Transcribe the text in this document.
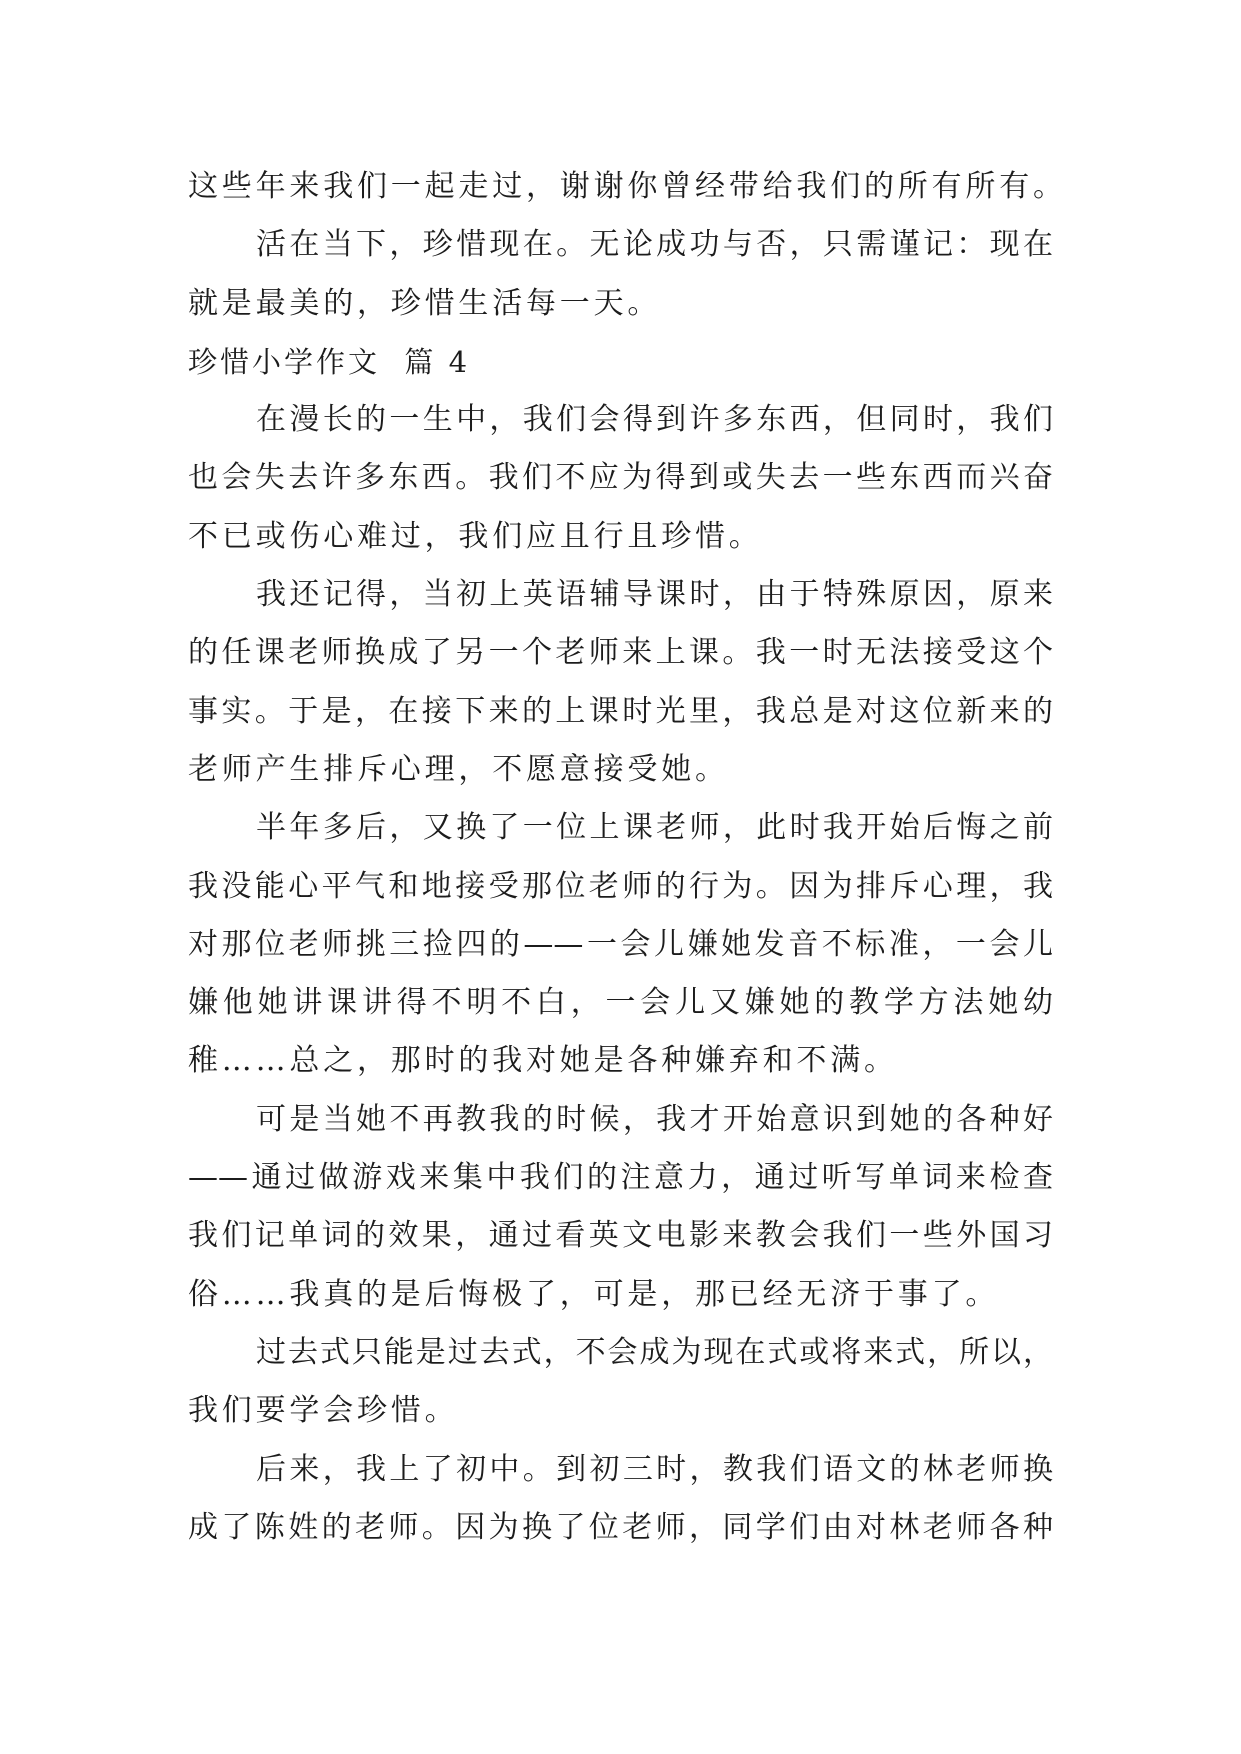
这些年来我们一起走过，谢谢你曾经带给我们的所有所有。
活在当下，珍惜现在。无论成功与否，只需谨记：现在
就是最美的，珍惜生活每一天。
珍惜小学作文  篇 4
在漫长的一生中，我们会得到许多东西，但同时，我们
也会失去许多东西。我们不应为得到或失去一些东西而兴奋
不已或伤心难过，我们应且行且珍惜。
我还记得，当初上英语辅导课时，由于特殊原因，原来
的任课老师换成了另一个老师来上课。我一时无法接受这个
事实。于是，在接下来的上课时光里，我总是对这位新来的
老师产生排斥心理，不愿意接受她。
半年多后，又换了一位上课老师，此时我开始后悔之前
我没能心平气和地接受那位老师的行为。因为排斥心理，我
对那位老师挑三捡四的——一会儿嫌她发音不标准，一会儿
嫌他她讲课讲得不明不白，一会儿又嫌她的教学方法她幼
稚……总之，那时的我对她是各种嫌弃和不满。
可是当她不再教我的时候，我才开始意识到她的各种好
——通过做游戏来集中我们的注意力，通过听写单词来检查
我们记单词的效果，通过看英文电影来教会我们一些外国习
俗……我真的是后悔极了，可是，那已经无济于事了。
过去式只能是过去式，不会成为现在式或将来式，所以，
我们要学会珍惜。
后来，我上了初中。到初三时，教我们语文的林老师换
成了陈姓的老师。因为换了位老师，同学们由对林老师各种
